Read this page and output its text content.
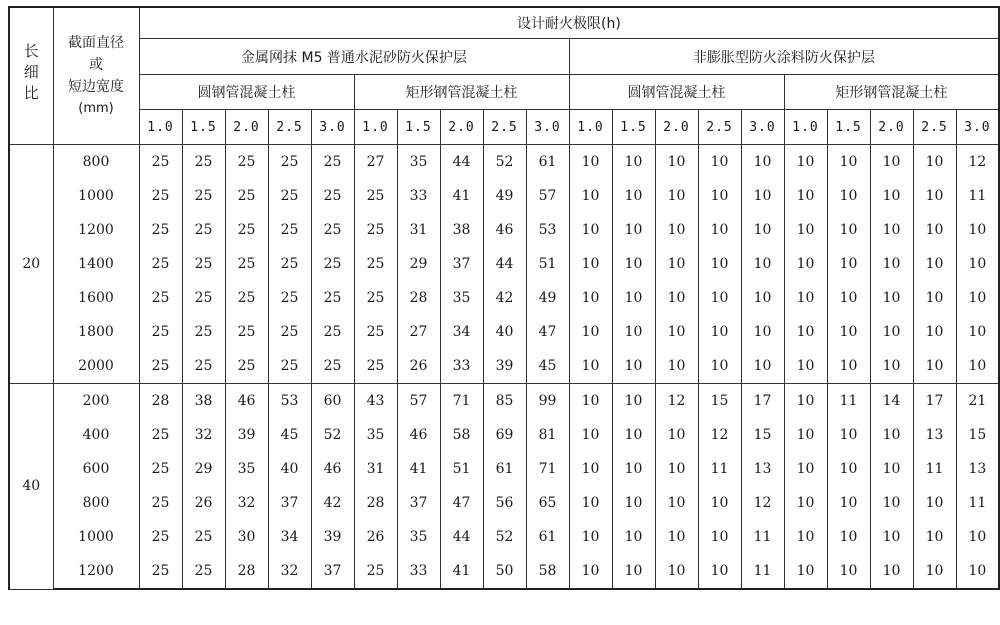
长细比	截面直径
或
短边宽度
(mm)	设计耐火极限(h)																			
		金属网抹 M5 普通水泥砂防火保护层										非膨胀型防火涂料防火保护层									
		圆钢管混凝土柱					矩形钢管混凝土柱					圆钢管混凝土柱					矩形钢管混凝土柱				
		1.0	1.5	2.0	2.5	3.0	1.0	1.5	2.0	2.5	3.0	1.0	1.5	2.0	2.5	3.0	1.0	1.5	2.0	2.5	3.0
20	800	25	25	25	25	25	27	35	44	52	61	10	10	10	10	10	10	10	10	10	12
	1000	25	25	25	25	25	25	33	41	49	57	10	10	10	10	10	10	10	10	10	11
	1200	25	25	25	25	25	25	31	38	46	53	10	10	10	10	10	10	10	10	10	10
	1400	25	25	25	25	25	25	29	37	44	51	10	10	10	10	10	10	10	10	10	10
	1600	25	25	25	25	25	25	28	35	42	49	10	10	10	10	10	10	10	10	10	10
	1800	25	25	25	25	25	25	27	34	40	47	10	10	10	10	10	10	10	10	10	10
	2000	25	25	25	25	25	25	26	33	39	45	10	10	10	10	10	10	10	10	10	10
40	200	28	38	46	53	60	43	57	71	85	99	10	10	12	15	17	10	11	14	17	21
	400	25	32	39	45	52	35	46	58	69	81	10	10	10	12	15	10	10	10	13	15
	600	25	29	35	40	46	31	41	51	61	71	10	10	10	11	13	10	10	10	11	13
	800	25	26	32	37	42	28	37	47	56	65	10	10	10	10	12	10	10	10	10	11
	1000	25	25	30	34	39	26	35	44	52	61	10	10	10	10	11	10	10	10	10	10
	1200	25	25	28	32	37	25	33	41	50	58	10	10	10	10	11	10	10	10	10	10
